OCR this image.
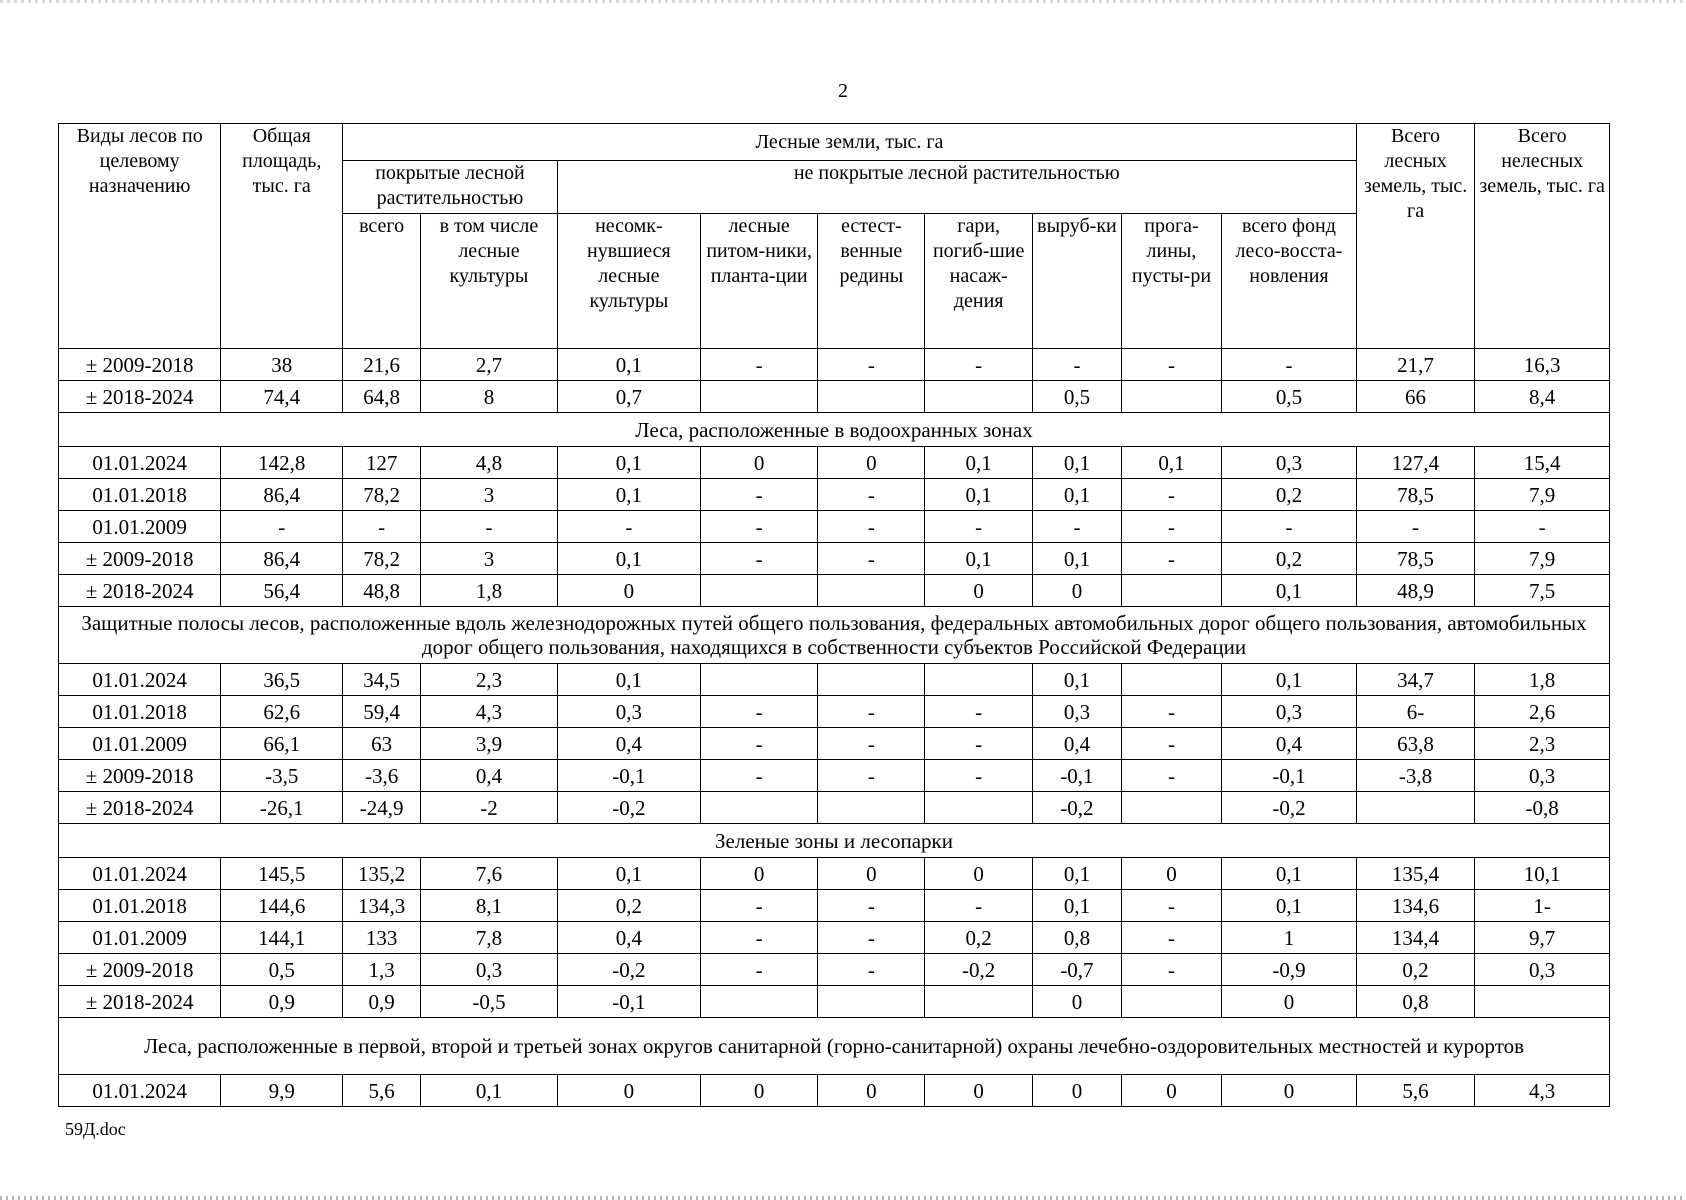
2
Виды лесов по целевому назначению	Общая площадь, тыс. га	Лесные земли, тыс. га									Всего лесных земель, тыс. га	Всего нелесных земель, тыс. га
		покрытые лесной растительностью		не покрытые лесной растительностью								
		всего	в том числе лесные культуры	несомк-нувшиеся лесные культуры	лесные питом-ники, планта-ции	естест-венные редины	гари, погиб-шие насаж-дения	выруб-ки	прога-лины, пусты-ри	всего фонд лесо-восста-новления		
± 2009-2018	38	21,6	2,7	0,1	-	-	-	-	-	-	21,7	16,3
± 2018-2024	74,4	64,8	8	0,7				0,5		0,5	66	8,4
Леса, расположенные в водоохранных зонах												
01.01.2024	142,8	127	4,8	0,1	0	0	0,1	0,1	0,1	0,3	127,4	15,4
01.01.2018	86,4	78,2	3	0,1	-	-	0,1	0,1	-	0,2	78,5	7,9
01.01.2009	-	-	-	-	-	-	-	-	-	-	-	-
± 2009-2018	86,4	78,2	3	0,1	-	-	0,1	0,1	-	0,2	78,5	7,9
± 2018-2024	56,4	48,8	1,8	0			0	0		0,1	48,9	7,5
Защитные полосы лесов, расположенные вдоль железнодорожных путей общего пользования, федеральных автомобильных дорог общего пользования, автомобильных дорог общего пользования, находящихся в собственности субъектов Российской Федерации												
01.01.2024	36,5	34,5	2,3	0,1				0,1		0,1	34,7	1,8
01.01.2018	62,6	59,4	4,3	0,3	-	-	-	0,3	-	0,3	6-	2,6
01.01.2009	66,1	63	3,9	0,4	-	-	-	0,4	-	0,4	63,8	2,3
± 2009-2018	-3,5	-3,6	0,4	-0,1	-	-	-	-0,1	-	-0,1	-3,8	0,3
± 2018-2024	-26,1	-24,9	-2	-0,2				-0,2		-0,2		-0,8
Зеленые зоны и лесопарки												
01.01.2024	145,5	135,2	7,6	0,1	0	0	0	0,1	0	0,1	135,4	10,1
01.01.2018	144,6	134,3	8,1	0,2	-	-	-	0,1	-	0,1	134,6	1-
01.01.2009	144,1	133	7,8	0,4	-	-	0,2	0,8	-	1	134,4	9,7
± 2009-2018	0,5	1,3	0,3	-0,2	-	-	-0,2	-0,7	-	-0,9	0,2	0,3
± 2018-2024	0,9	0,9	-0,5	-0,1				0		0	0,8	
Леса, расположенные в первой, второй и третьей зонах округов санитарной (горно-санитарной) охраны лечебно-оздоровительных местностей и курортов												
01.01.2024	9,9	5,6	0,1	0	0	0	0	0	0	0	5,6	4,3
59Д.doc
